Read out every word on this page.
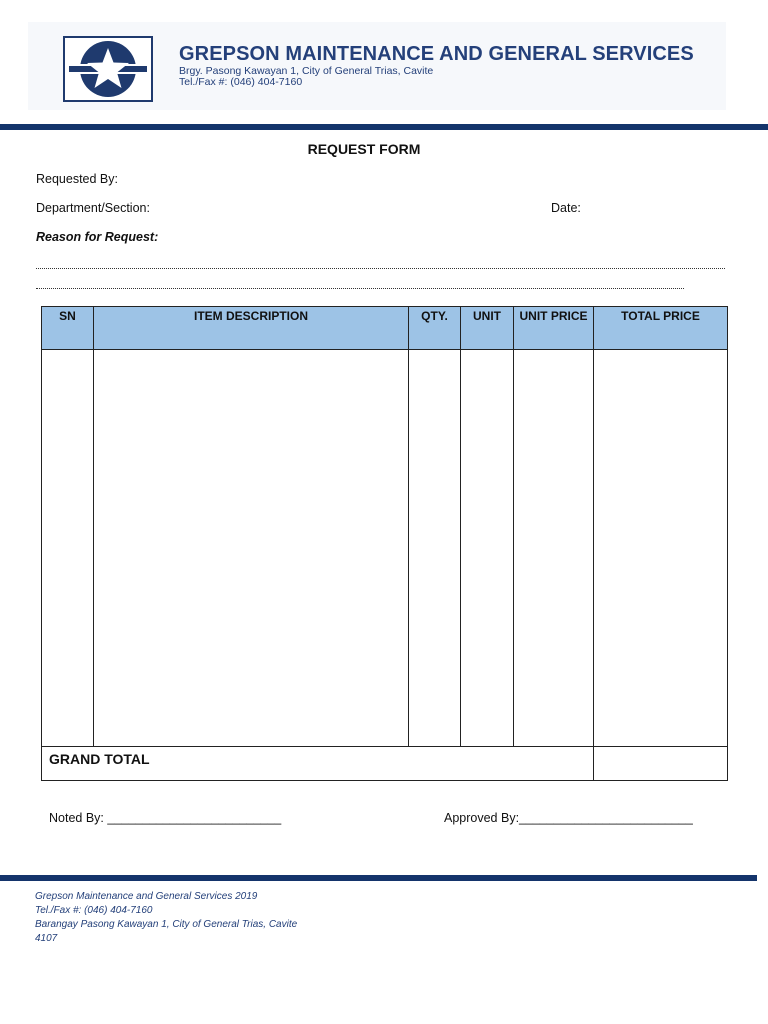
GREPSON MAINTENANCE AND GENERAL SERVICES
Brgy. Pasong Kawayan 1, City of General Trias, Cavite
Tel./Fax #: (046) 404-7160
REQUEST FORM
Requested By:
Department/Section:	Date:
Reason for Request:
SN	ITEM DESCRIPTION	QTY.	UNIT	UNIT PRICE	TOTAL PRICE

GRAND TOTAL					
Noted By: _________________________	Approved By:_________________________
Grepson Maintenance and General Services 2019
Tel./Fax #: (046) 404-7160
Barangay Pasong Kawayan 1, City of General Trias, Cavite
4107
